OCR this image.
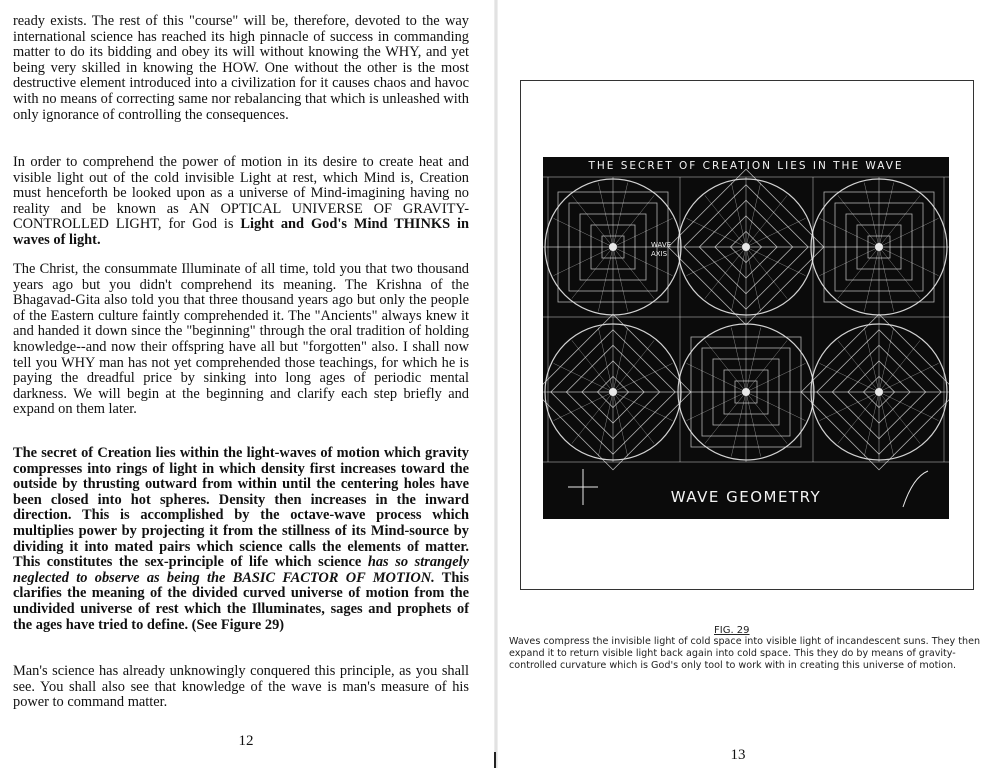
ready exists. The rest of this "course" will be, therefore, devoted to the way international science has reached its high pinnacle of success in commanding matter to do its bidding and obey its will without knowing the WHY, and yet being very skilled in knowing the HOW. One without the other is the most destructive element introduced into a civilization for it causes chaos and havoc with no means of correcting same nor rebalancing that which is unleashed with only ignorance of controlling the consequences.

In order to comprehend the power of motion in its desire to create heat and visible light out of the cold invisible Light at rest, which Mind is, Creation must henceforth be looked upon as a universe of Mind-imagining having no reality and be known as AN OPTICAL UNIVERSE OF GRAVITY-CONTROLLED LIGHT, for God is Light and God's Mind THINKS in waves of light.

The Christ, the consummate Illuminate of all time, told you that two thousand years ago but you didn't comprehend its meaning. The Krishna of the Bhagavad-Gita also told you that three thousand years ago but only the people of the Eastern culture faintly comprehended it. The "Ancients" always knew it and handed it down since the "beginning" through the oral tradition of holding knowledge--and now their offspring have all but "forgotten" also. I shall now tell you WHY man has not yet comprehended those teachings, for which he is paying the dreadful price by sinking into long ages of periodic mental darkness. We will begin at the beginning and clarify each step briefly and expand on them later.

The secret of Creation lies within the light-waves of motion which gravity compresses into rings of light in which density first increases toward the outside by thrusting outward from within until the centering holes have been closed into hot spheres. Density then increases in the inward direction. This is accomplished by the octave-wave process which multiplies power by projecting it from the stillness of its Mind-source by dividing it into mated pairs which science calls the elements of matter. This constitutes the sex-principle of life which science has so strangely neglected to observe as being the BASIC FACTOR OF MOTION. This clarifies the meaning of the divided curved universe of motion from the undivided universe of rest which the Illuminates, sages and prophets of the ages have tried to define. (See Figure 29)

Man's science has already unknowingly conquered this principle, as you shall see. You shall also see that knowledge of the wave is man's measure of his power to command matter.

12
THE SECRET OF CREATION LIES IN THE WAVE
WAVE
AXIS
WAVE GEOMETRY
FIG. 29

Waves compress the invisible light of cold space into visible light of incandescent suns. They then expand it to return visible light back again into cold space. This they do by means of gravity-controlled curvature which is God's only tool to work with in creating this universe of motion.

13
